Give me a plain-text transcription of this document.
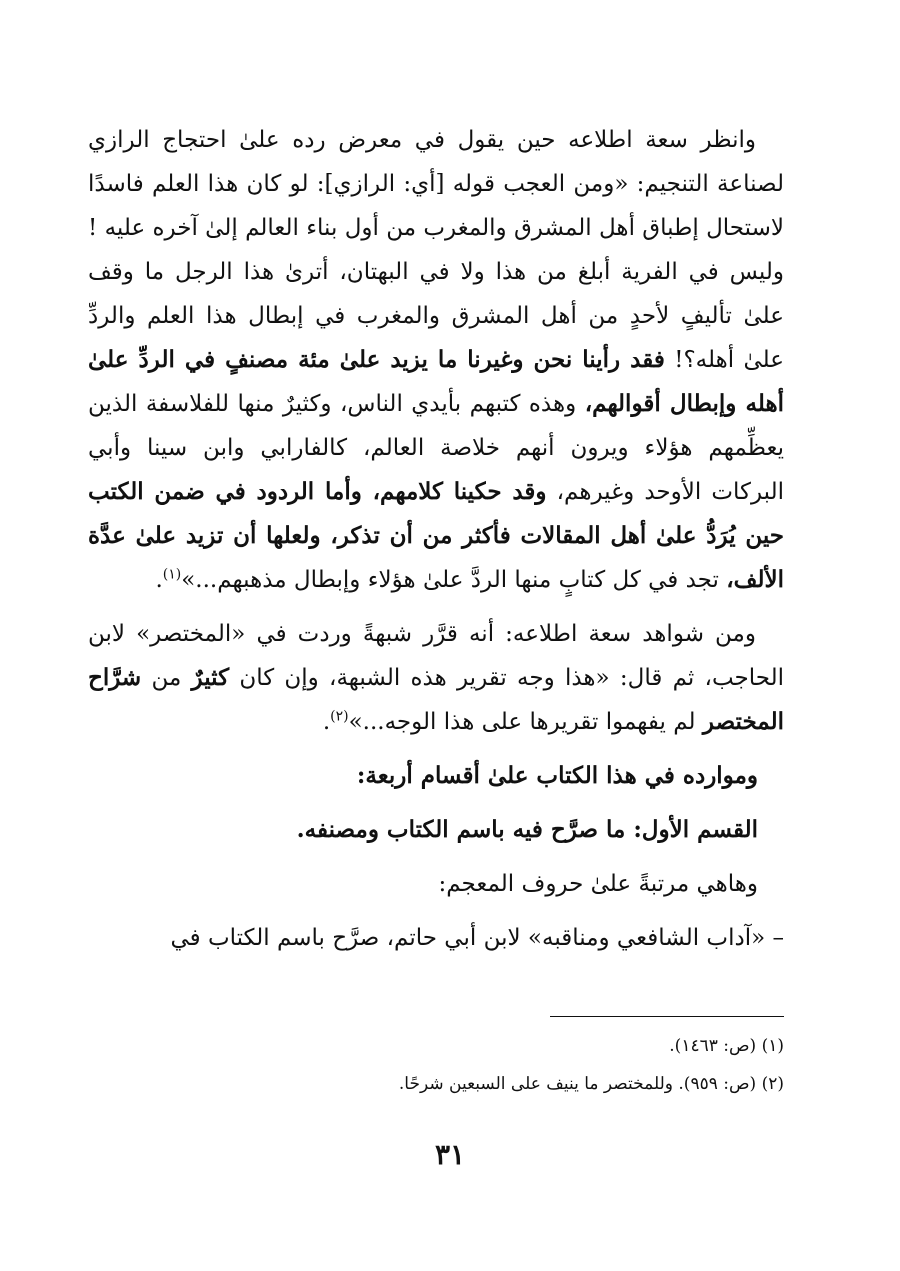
وانظر سعة اطلاعه حين يقول في معرض رده علىٰ احتجاج الرازي لصناعة التنجيم: «ومن العجب قوله [أي: الرازي]: لو كان هذا العلم فاسدًا لاستحال إطباق أهل المشرق والمغرب من أول بناء العالم إلىٰ آخره عليه ! وليس في الفرية أبلغ من هذا ولا في البهتان، أترىٰ هذا الرجل ما وقف علىٰ تأليفٍ لأحدٍ من أهل المشرق والمغرب في إبطال هذا العلم والردِّ علىٰ أهله؟! فقد رأينا نحن وغيرنا ما يزيد علىٰ مئة مصنفٍ في الردِّ علىٰ أهله وإبطال أقوالهم، وهذه كتبهم بأيدي الناس، وكثيرٌ منها للفلاسفة الذين يعظِّمهم هؤلاء ويرون أنهم خلاصة العالم، كالفارابي وابن سينا وأبي البركات الأوحد وغيرهم، وقد حكينا كلامهم، وأما الردود في ضمن الكتب حين يُرَدُّ علىٰ أهل المقالات فأكثر من أن تذكر، ولعلها أن تزيد علىٰ عدَّة الألف، تجد في كل كتابٍ منها الردَّ علىٰ هؤلاء وإبطال مذهبهم...»$^{(١)}$.

ومن شواهد سعة اطلاعه: أنه قرَّر شبهةً وردت في «المختصر» لابن الحاجب، ثم قال: «هذا وجه تقرير هذه الشبهة، وإن كان كثيرٌ من شرَّاح المختصر لم يفهموا تقريرها على هذا الوجه...»$^{(٢)}$.

وموارده في هذا الكتاب علىٰ أقسام أربعة:

القسم الأول: ما صرَّح فيه باسم الكتاب ومصنفه.

وهاهي مرتبةً علىٰ حروف المعجم:

– «آداب الشافعي ومناقبه» لابن أبي حاتم، صرَّح باسم الكتاب في

(١) (ص: ١٤٦٣).
(٢) (ص: ٩٥٩). وللمختصر ما ينيف على السبعين شرحًا.
٣١
